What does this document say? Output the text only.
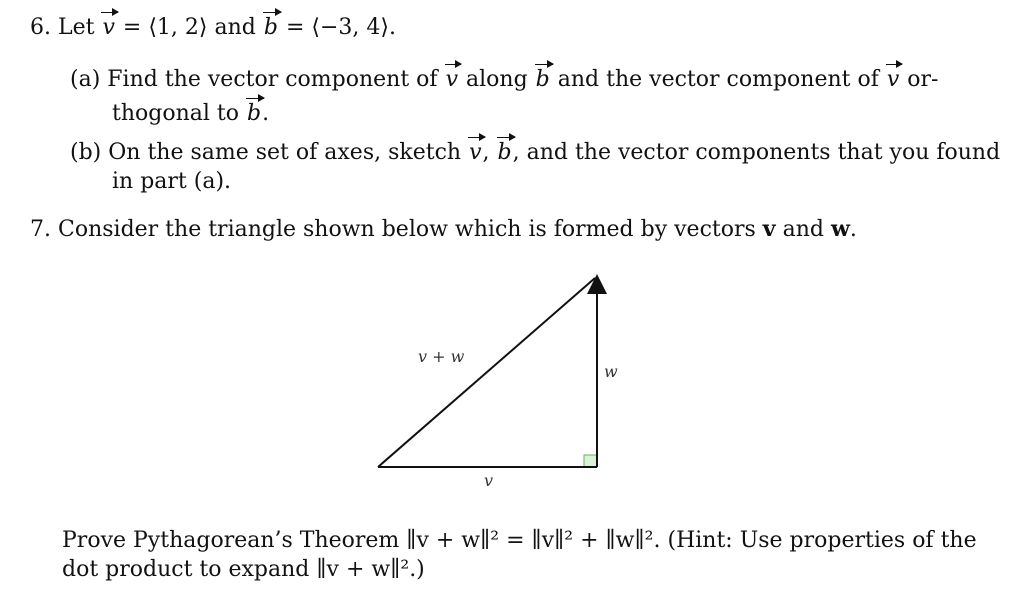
6. Let v = ⟨1, 2⟩ and b = ⟨−3, 4⟩.
(a) Find the vector component of v along b and the vector component of v or-
thogonal to b.
(b) On the same set of axes, sketch v, b, and the vector components that you found
in part (a).
7. Consider the triangle shown below which is formed by vectors v and w.
v + w
w
v
Prove Pythagorean’s Theorem ∥v + w∥² = ∥v∥² + ∥w∥². (Hint: Use properties of the
dot product to expand ∥v + w∥².)
